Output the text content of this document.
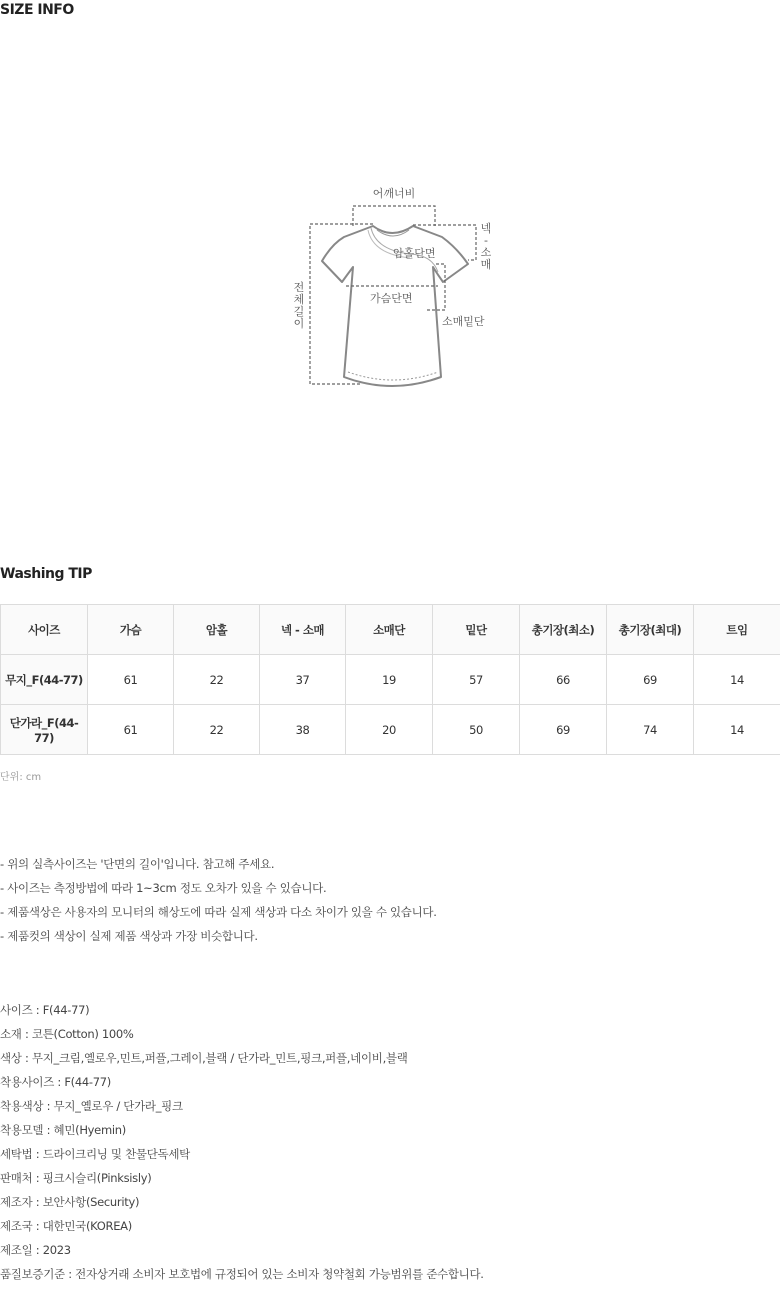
SIZE INFO
어깨너비
암홀단면
가슴단면
소매밑단
넥
-
소
매
전
체
길
이
Washing TIP
사이즈	가슴	암홀	넥 - 소매	소매단	밑단	총기장(최소)	총기장(최대)	트임
무지_F(44-77)	61	22	37	19	57	66	69	14
단가라_F(44-77)	61	22	38	20	50	69	74	14
단위: cm
- 위의 실측사이즈는 '단면의 길이'입니다. 참고해 주세요.
- 사이즈는 측정방법에 따라 1~3cm 정도 오차가 있을 수 있습니다.
- 제품색상은 사용자의 모니터의 해상도에 따라 실제 색상과 다소 차이가 있을 수 있습니다.
- 제품컷의 색상이 실제 제품 색상과 가장 비슷합니다.
사이즈 : F(44-77)
소재 : 코튼(Cotton) 100%
색상 : 무지_크림,옐로우,민트,퍼플,그레이,블랙 / 단가라_민트,핑크,퍼플,네이비,블랙
착용사이즈 : F(44-77)
착용색상 : 무지_옐로우 / 단가라_핑크
착용모델 : 혜민(Hyemin)
세탁법 : 드라이크리닝 및 찬물단독세탁
판매처 : 핑크시슬리(Pinksisly)
제조자 : 보안사항(Security)
제조국 : 대한민국(KOREA)
제조일 : 2023
품질보증기준 : 전자상거래 소비자 보호법에 규정되어 있는 소비자 청약철회 가능범위를 준수합니다.
